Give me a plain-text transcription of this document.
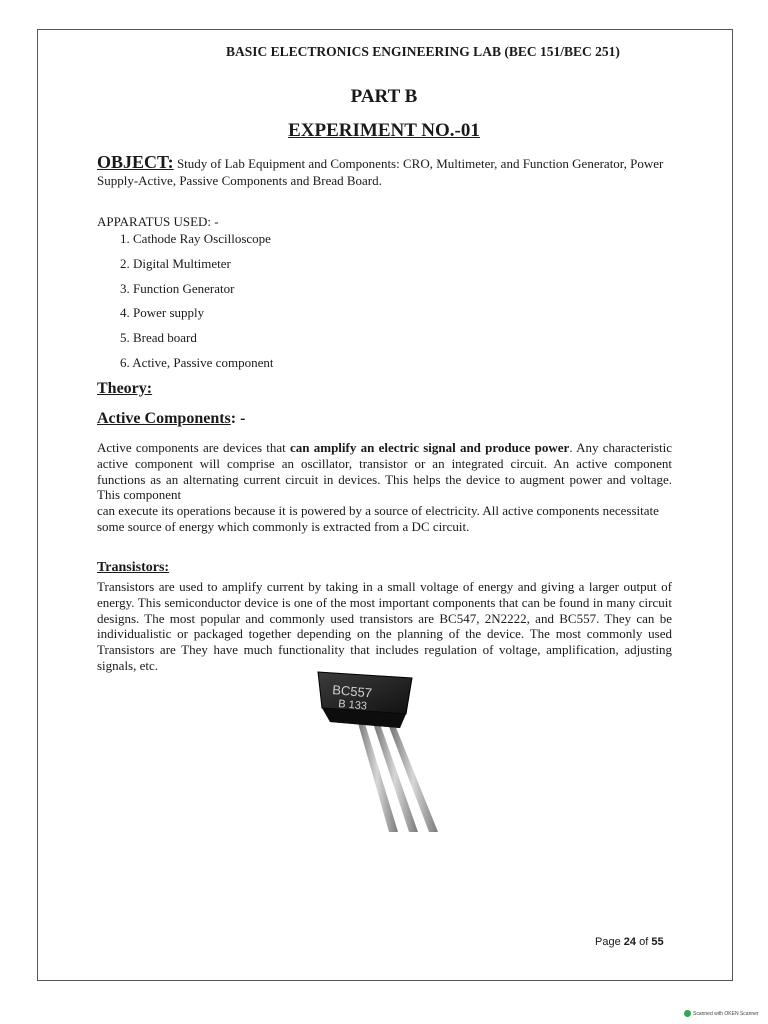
BASIC ELECTRONICS ENGINEERING LAB (BEC 151/BEC 251)
PART B
EXPERIMENT NO.-01
OBJECT: Study of Lab Equipment and Components: CRO, Multimeter, and Function Generator, Power Supply-Active, Passive Components and Bread Board.
APPARATUS USED: -
1. Cathode Ray Oscilloscope
2. Digital Multimeter
3. Function Generator
4. Power supply
5. Bread board
6. Active, Passive component
Theory:
Active Components: -
Active components are devices that can amplify an electric signal and produce power. Any characteristic active component will comprise an oscillator, transistor or an integrated circuit. An active component functions as an alternating current circuit in devices. This helps the device to augment power and voltage. This component
can execute its operations because it is powered by a source of electricity. All active components necessitate
some source of energy which commonly is extracted from a DC circuit.
Transistors:
Transistors are used to amplify current by taking in a small voltage of energy and giving a larger output of energy. This semiconductor device is one of the most important components that can be found in many circuit designs. The most popular and commonly used transistors are BC547, 2N2222, and BC557. They can be individualistic or packaged together depending on the planning of the device. The most commonly used Transistors are They have much functionality that includes regulation of voltage, amplification, adjusting signals, etc.
BC557
B 133
Page 24 of 55
Scanned with OKEN Scanner
